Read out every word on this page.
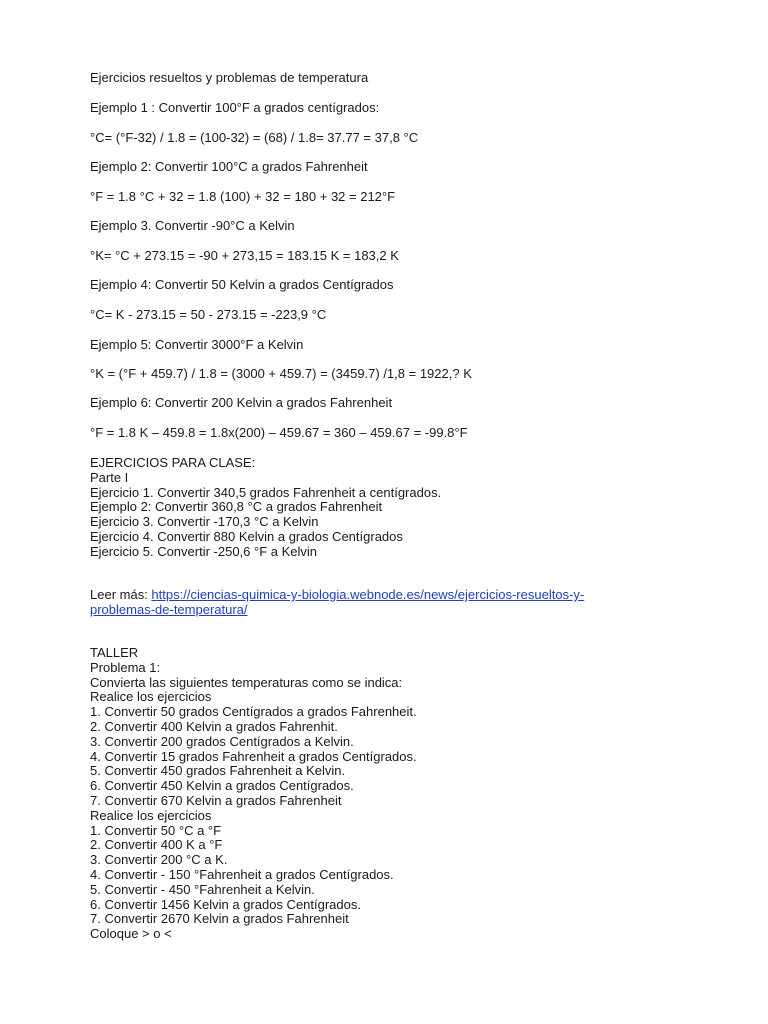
Ejercicios resueltos y problemas de temperatura

Ejemplo 1 : Convertir 100°F a grados centígrados:

°C= (°F-32) / 1.8 = (100-32) = (68) / 1.8= 37.77 = 37,8 °C

Ejemplo 2: Convertir 100°C a grados Fahrenheit

°F = 1.8 °C + 32 = 1.8 (100) + 32 = 180 + 32 = 212°F

Ejemplo 3. Convertir -90°C a Kelvin

°K= °C + 273.15 = -90 + 273,15 = 183.15 K = 183,2 K

Ejemplo 4: Convertir 50 Kelvin a grados Centígrados

°C= K - 273.15 = 50 - 273.15 = -223,9 °C

Ejemplo 5: Convertir 3000°F a Kelvin

°K = (°F + 459.7) / 1.8 = (3000 + 459.7) = (3459.7) /1,8 = 1922,? K

Ejemplo 6: Convertir 200 Kelvin a grados Fahrenheit

°F = 1.8 K – 459.8 = 1.8x(200) – 459.67 = 360 – 459.67 = -99.8°F

EJERCICIOS PARA CLASE:
Parte I
Ejercicio 1. Convertir 340,5 grados Fahrenheit a centígrados.
Ejemplo 2: Convertir 360,8 °C a grados Fahrenheit
Ejercicio 3. Convertir -170,3 °C a Kelvin
Ejercicio 4. Convertir 880 Kelvin a grados Centígrados
Ejercicio 5. Convertir -250,6 °F a Kelvin
Leer más: https://ciencias-quimica-y-biologia.webnode.es/news/ejercicios-resueltos-y-
problemas-de-temperatura/
TALLER
Problema 1:
Convierta las siguientes temperaturas como se indica:
Realice los ejercicios
1. Convertir 50 grados Centígrados a grados Fahrenheit.
2. Convertir 400 Kelvin a grados Fahrenhit.
3. Convertir 200 grados Centígrados a Kelvin.
4. Convertir 15 grados Fahrenheit a grados Centígrados.
5. Convertir 450 grados Fahrenheit a Kelvin.
6. Convertir 450 Kelvin a grados Centígrados.
7. Convertir 670 Kelvin a grados Fahrenheit
Realice los ejercicios
1. Convertir 50 °C a °F
2. Convertir 400 K a °F
3. Convertir 200 °C a K.
4. Convertir - 150 °Fahrenheit a grados Centígrados.
5. Convertir - 450 °Fahrenheit a Kelvin.
6. Convertir 1456 Kelvin a grados Centígrados.
7. Convertir 2670 Kelvin a grados Fahrenheit
Coloque > o <
